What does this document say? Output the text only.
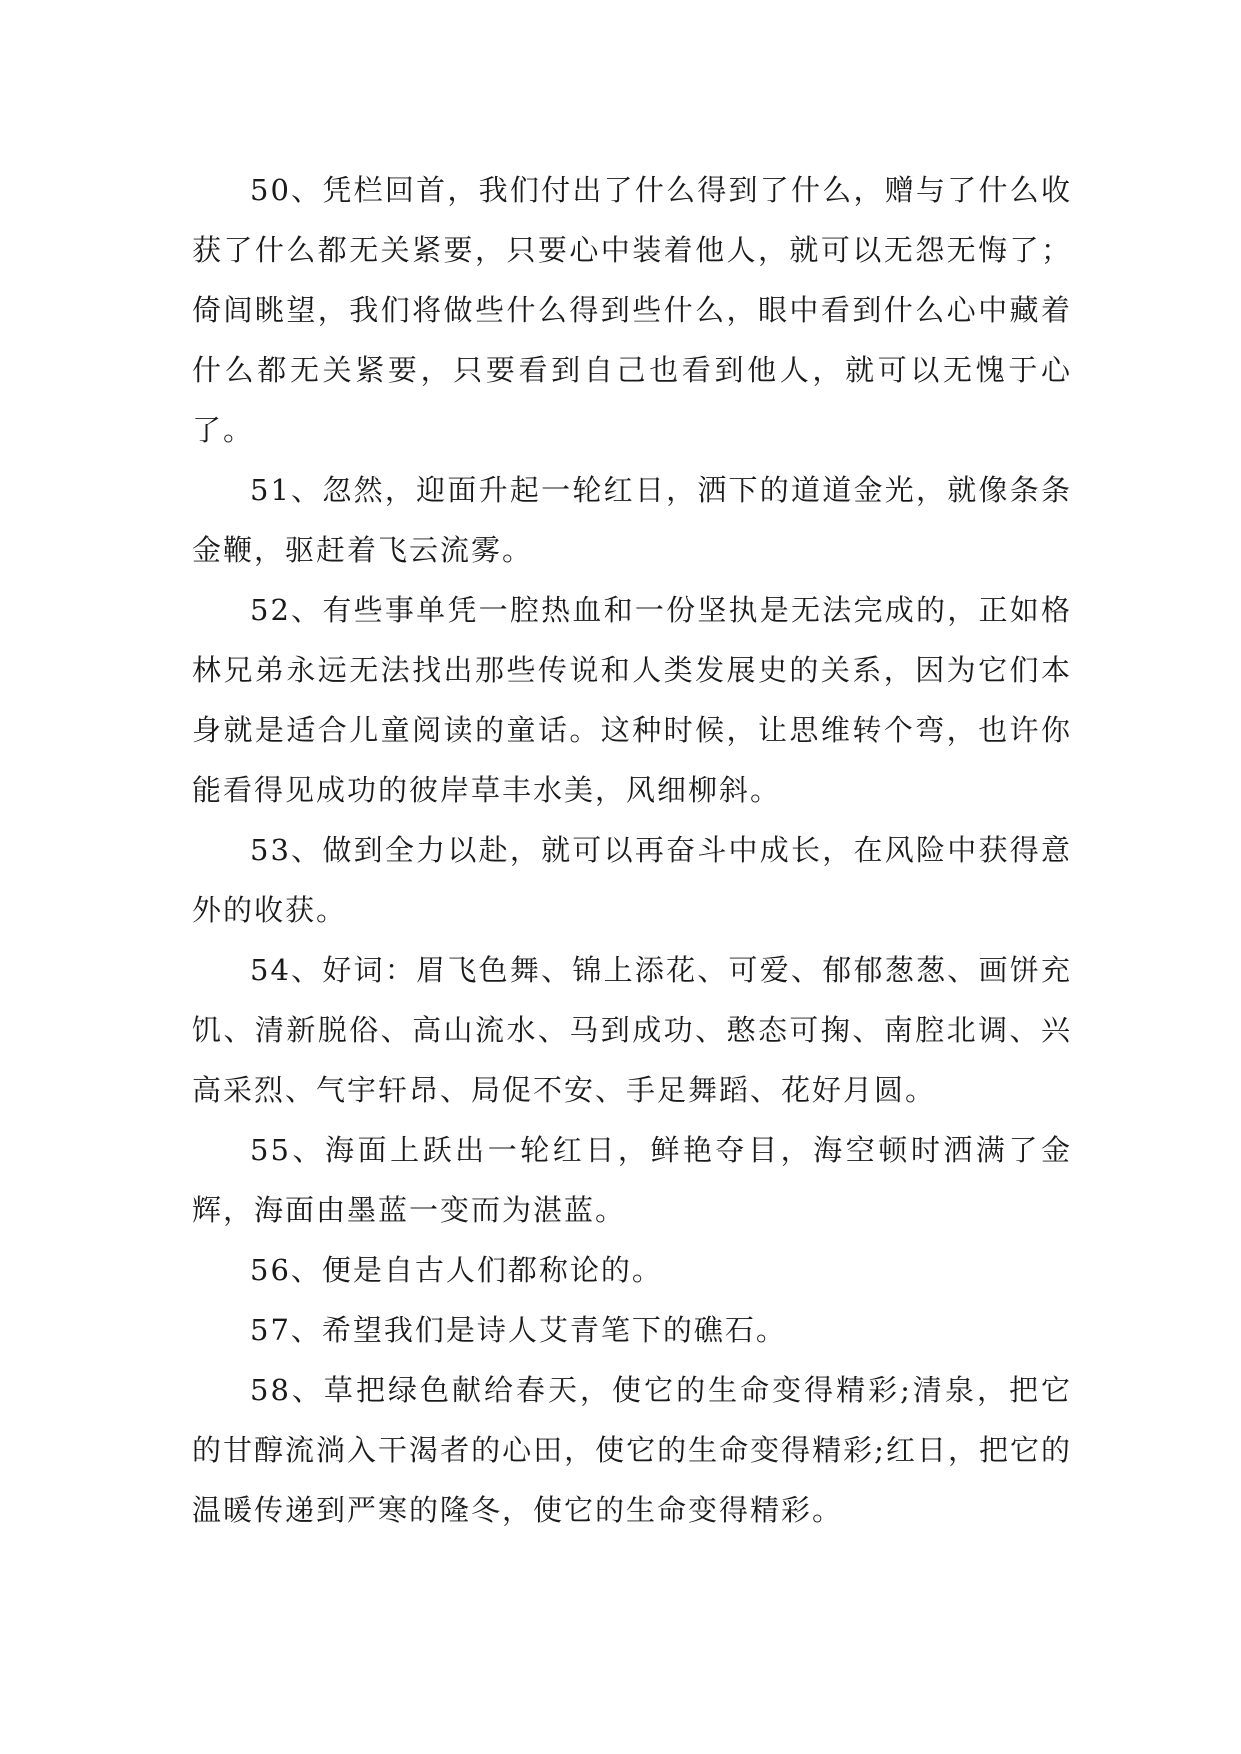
50、凭栏回首，我们付出了什么得到了什么，赠与了什么收获了什么都无关紧要，只要心中装着他人，就可以无怨无悔了；倚闾眺望，我们将做些什么得到些什么，眼中看到什么心中藏着什么都无关紧要，只要看到自己也看到他人，就可以无愧于心了。

51、忽然，迎面升起一轮红日，洒下的道道金光，就像条条金鞭，驱赶着飞云流雾。

52、有些事单凭一腔热血和一份坚执是无法完成的，正如格林兄弟永远无法找出那些传说和人类发展史的关系，因为它们本身就是适合儿童阅读的童话。这种时候，让思维转个弯，也许你能看得见成功的彼岸草丰水美，风细柳斜。

53、做到全力以赴，就可以再奋斗中成长，在风险中获得意外的收获。

54、好词：眉飞色舞、锦上添花、可爱、郁郁葱葱、画饼充饥、清新脱俗、高山流水、马到成功、憨态可掬、南腔北调、兴高采烈、气宇轩昂、局促不安、手足舞蹈、花好月圆。

55、海面上跃出一轮红日，鲜艳夺目，海空顿时洒满了金辉，海面由墨蓝一变而为湛蓝。

56、便是自古人们都称论的。

57、希望我们是诗人艾青笔下的礁石。

58、草把绿色献给春天，使它的生命变得精彩;清泉，把它的甘醇流淌入干渴者的心田，使它的生命变得精彩;红日，把它的温暖传递到严寒的隆冬，使它的生命变得精彩。
